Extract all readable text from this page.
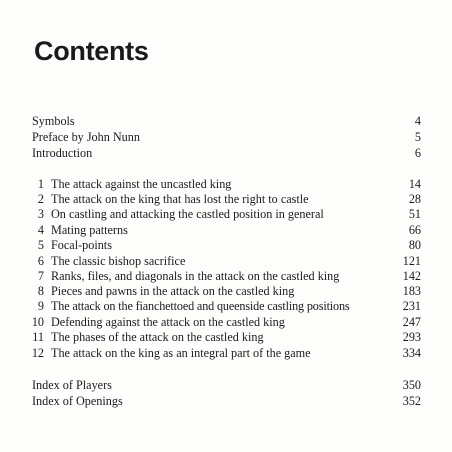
Contents
Symbols	4
Preface by John Nunn	5
Introduction	6
1 The attack against the uncastled king	14
2 The attack on the king that has lost the right to castle	28
3 On castling and attacking the castled position in general	51
4 Mating patterns	66
5 Focal-points	80
6 The classic bishop sacrifice	121
7 Ranks, files, and diagonals in the attack on the castled king	142
8 Pieces and pawns in the attack on the castled king	183
9 The attack on the fianchettoed and queenside castling positions	231
10 Defending against the attack on the castled king	247
11 The phases of the attack on the castled king	293
12 The attack on the king as an integral part of the game	334
Index of Players	350
Index of Openings	352
